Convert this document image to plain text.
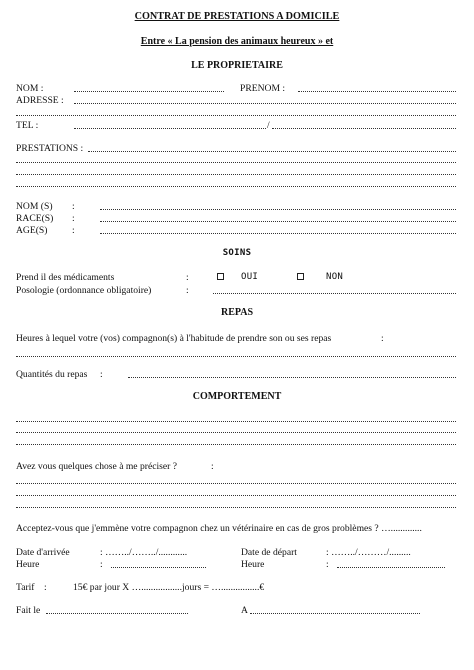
CONTRAT DE PRESTATIONS A DOMICILE
Entre « La pension des animaux heureux » et
LE PROPRIETAIRE
NOM :	PRENOM :
ADRESSE :
TEL :	/
PRESTATIONS :
NOM (S) :
RACE(S) :
AGE(S)	:
SOINS
Prend il des médicaments	:	OUI	NON
Posologie (ordonnance obligatoire)	:
REPAS
Heures à lequel votre (vos) compagnon(s) à l'habitude de prendre son ou ses repas	:
Quantités du repas :
COMPORTEMENT
Avez vous quelques chose à me préciser ?	:
Acceptez-vous que j'emmène votre compagnon chez un vétérinaire en cas de gros problèmes ? ….............
Date d'arrivée	: ……../……../............	Date de départ	: ……../………/.........
Heure	:	Heure	:
Tarif :	15€ par jour X ….................jours = …................€
Fait le	A
